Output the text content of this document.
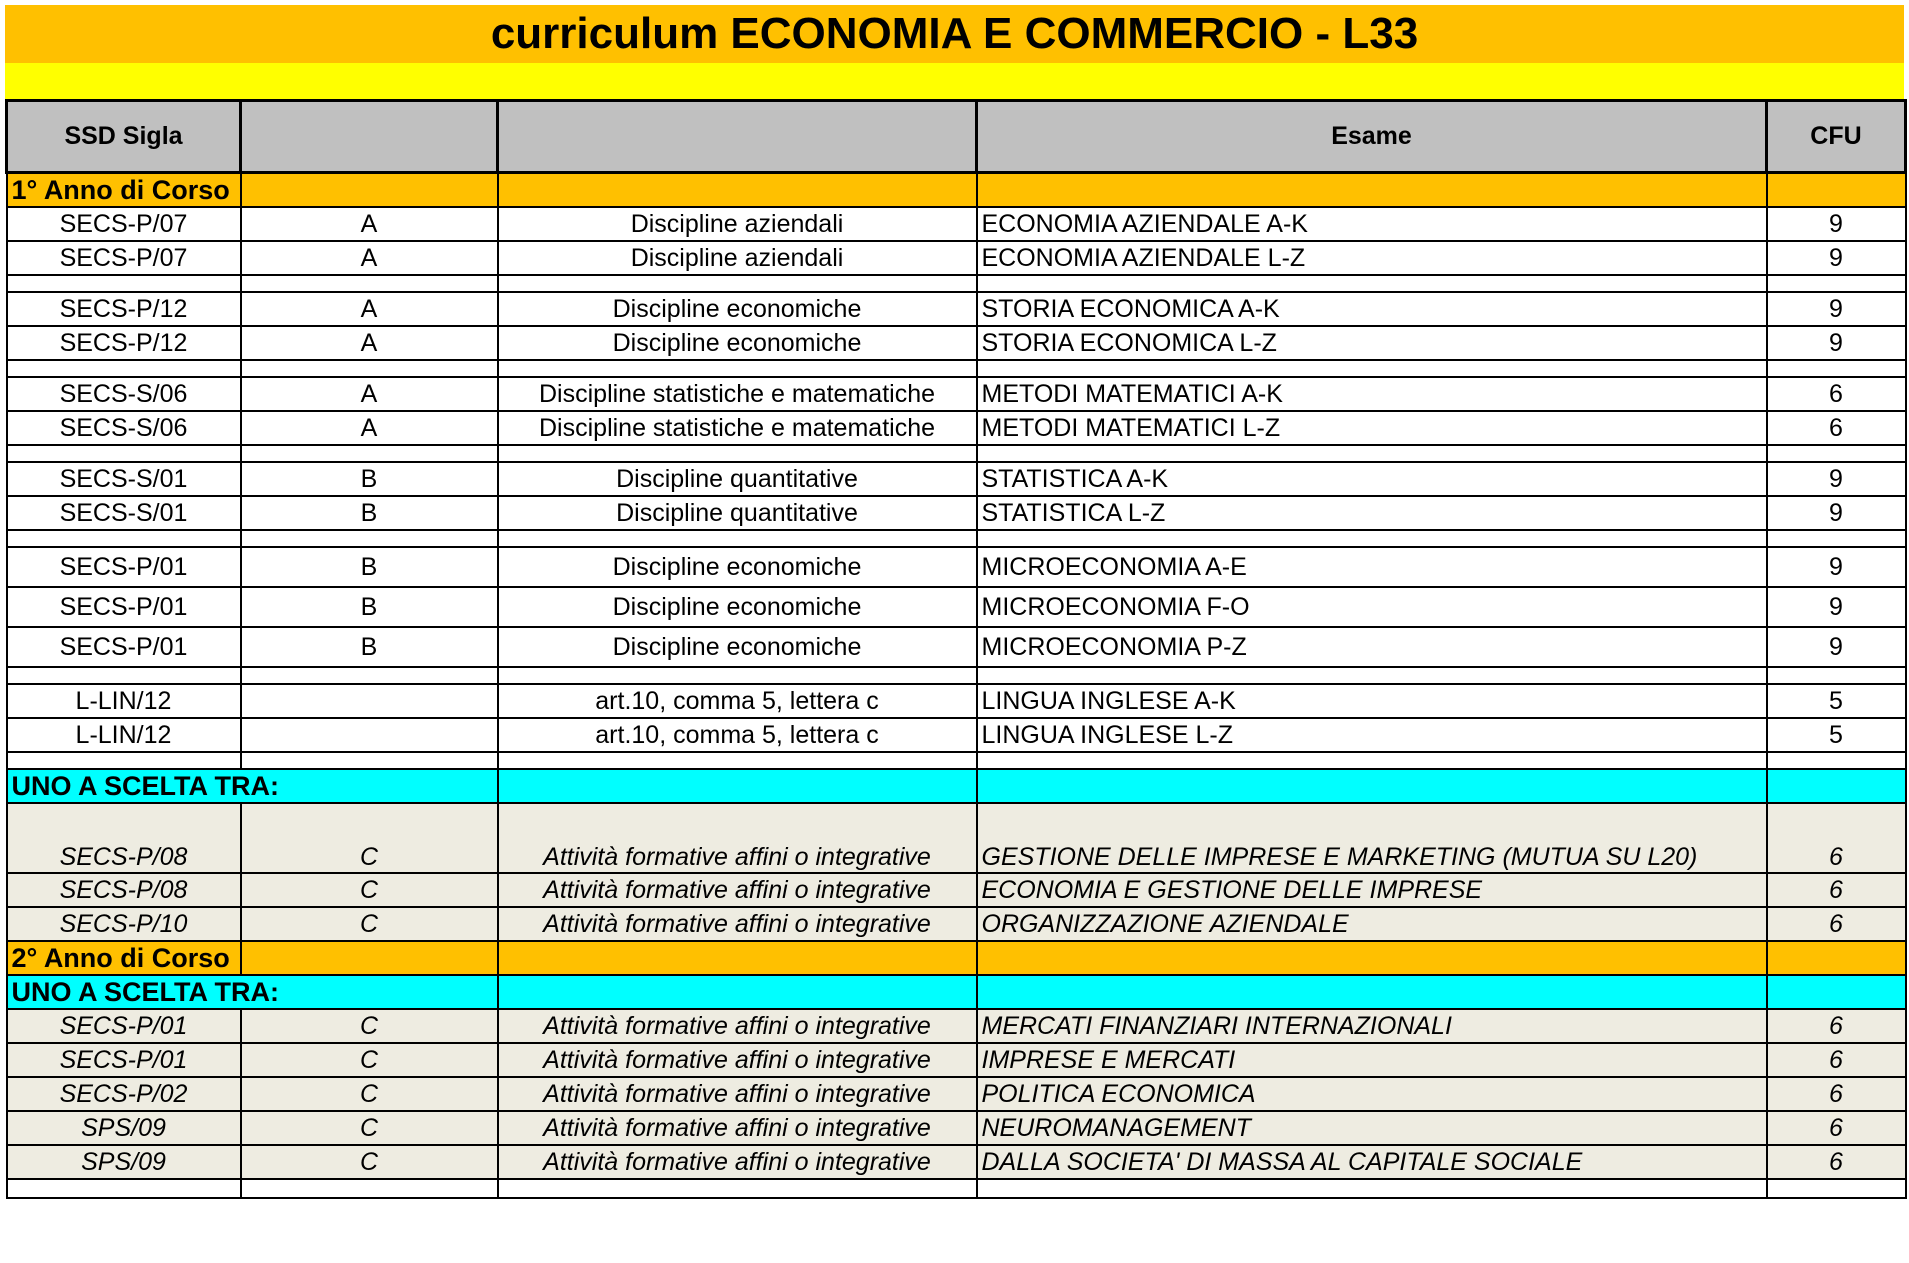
curriculum ECONOMIA E COMMERCIO - L33
SSD Sigla			Esame	CFU
1° Anno di Corso				
SECS-P/07	A	Discipline aziendali	ECONOMIA AZIENDALE A-K	9
SECS-P/07	A	Discipline aziendali	ECONOMIA AZIENDALE L-Z	9

SECS-P/12	A	Discipline economiche	STORIA ECONOMICA A-K	9
SECS-P/12	A	Discipline economiche	STORIA ECONOMICA L-Z	9

SECS-S/06	A	Discipline statistiche e matematiche	METODI MATEMATICI A-K	6
SECS-S/06	A	Discipline statistiche e matematiche	METODI MATEMATICI L-Z	6

SECS-S/01	B	Discipline quantitative	STATISTICA A-K	9
SECS-S/01	B	Discipline quantitative	STATISTICA L-Z	9

SECS-P/01	B	Discipline economiche	MICROECONOMIA A-E	9
SECS-P/01	B	Discipline economiche	MICROECONOMIA F-O	9
SECS-P/01	B	Discipline economiche	MICROECONOMIA P-Z	9

L-LIN/12		art.10, comma 5, lettera c	LINGUA INGLESE A-K	5
L-LIN/12		art.10, comma 5, lettera c	LINGUA INGLESE L-Z	5

UNO A SCELTA TRA:				
SECS-P/08	C	Attività formative affini o integrative	GESTIONE DELLE IMPRESE E MARKETING (MUTUA SU L20)	6
SECS-P/08	C	Attività formative affini o integrative	ECONOMIA E GESTIONE DELLE IMPRESE	6
SECS-P/10	C	Attività formative affini o integrative	ORGANIZZAZIONE AZIENDALE	6
2° Anno di Corso				
UNO A SCELTA TRA:				
SECS-P/01	C	Attività formative affini o integrative	MERCATI FINANZIARI INTERNAZIONALI	6
SECS-P/01	C	Attività formative affini o integrative	IMPRESE E MERCATI	6
SECS-P/02	C	Attività formative affini o integrative	POLITICA ECONOMICA	6
SPS/09	C	Attività formative affini o integrative	NEUROMANAGEMENT	6
SPS/09	C	Attività formative affini o integrative	DALLA SOCIETA' DI MASSA AL CAPITALE SOCIALE	6
